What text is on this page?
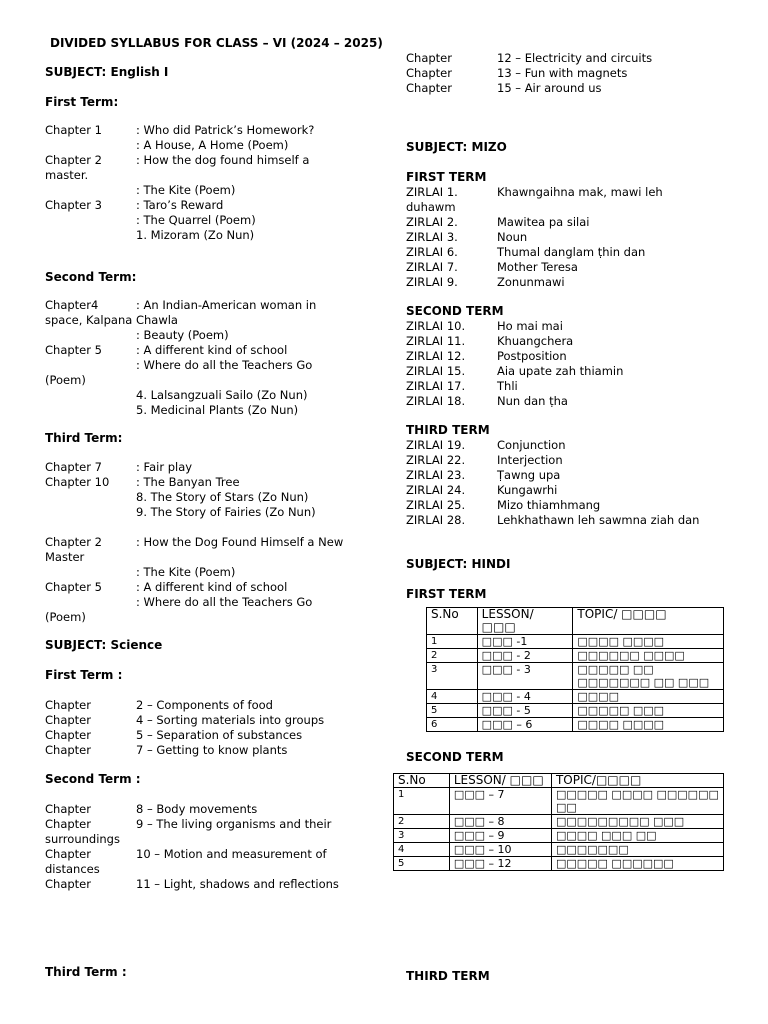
DIVIDED SYLLABUS FOR CLASS – VI (2024 – 2025)
SUBJECT: English I
First Term:
Chapter 1	: Who did Patrick’s Homework?
: A House, A Home (Poem)
Chapter 2	: How the dog found himself a
master.
: The Kite (Poem)
Chapter 3	: Taro’s Reward
: The Quarrel (Poem)
1. Mizoram (Zo Nun)
Second Term:
Chapter4	: An Indian-American woman in
space, Kalpana Chawla
: Beauty (Poem)
Chapter 5	: A different kind of school
: Where do all the Teachers Go
(Poem)
4. Lalsangzuali Sailo (Zo Nun)
5. Medicinal Plants (Zo Nun)
Third Term:
Chapter 7	: Fair play
Chapter 10 : The Banyan Tree
8. The Story of Stars (Zo Nun)
9. The Story of Fairies (Zo Nun)
Chapter 2	: How the Dog Found Himself a New
Master
: The Kite (Poem)
Chapter 5	: A different kind of school
: Where do all the Teachers Go
(Poem)
SUBJECT: Science
First Term :
Chapter	2 – Components of food
Chapter	4 – Sorting materials into groups
Chapter	5 – Separation of substances
Chapter	7 – Getting to know plants
Second Term :
Chapter	8 – Body movements
Chapter	9 – The living organisms and their
surroundings
Chapter	10 – Motion and measurement of
distances
Chapter	11 – Light, shadows and reflections
Chapter	12 – Electricity and circuits
Chapter	13 – Fun with magnets
Chapter	15 – Air around us
Third Term :
SUBJECT: MIZO
FIRST TERM
ZIRLAI 1.	Khawngaihna mak, mawi leh
duhawm
ZIRLAI 2.	Mawitea pa silai
ZIRLAI 3.	Noun
ZIRLAI 6.	Thumal danglam ṭhin dan
ZIRLAI 7.	Mother Teresa
ZIRLAI 9.	Zonunmawi
SECOND TERM
ZIRLAI 10.	Ho mai mai
ZIRLAI 11.	Khuangchera
ZIRLAI 12.	Postposition
ZIRLAI 15.	Aia upate zah thiamin
ZIRLAI 17.	Thli
ZIRLAI 18.	Nun dan ṭha
THIRD TERM
ZIRLAI 19.	Conjunction
ZIRLAI 22.	Interjection
ZIRLAI 23.	Ṭawng upa
ZIRLAI 24.	Kungawrhi
ZIRLAI 25.	Mizo thiamhmang
ZIRLAI 28.	Lehkhathawn leh sawmna ziah dan
SUBJECT: HINDI
FIRST TERM
S.No	LESSON/ □□□	TOPIC/ □□□□
1	□□□ -1	□□□□ □□□□
2	□□□ - 2	□□□□□□ □□□□
3	□□□ - 3	□□□□□ □□ □□□□□□□ □□ □□□
4	□□□ - 4	□□□□
5	□□□ - 5	□□□□□ □□□
6	□□□ – 6	□□□□ □□□□
SECOND TERM
S.No	LESSON/ □□□	TOPIC/□□□□
1	□□□ – 7	□□□□□ □□□□ □□□□□□ □□
2	□□□ – 8	□□□□□□□□□ □□□
3	□□□ – 9	□□□□ □□□ □□
4	□□□ – 10	□□□□□□□
5	□□□ – 12	□□□□□ □□□□□□
THIRD TERM
